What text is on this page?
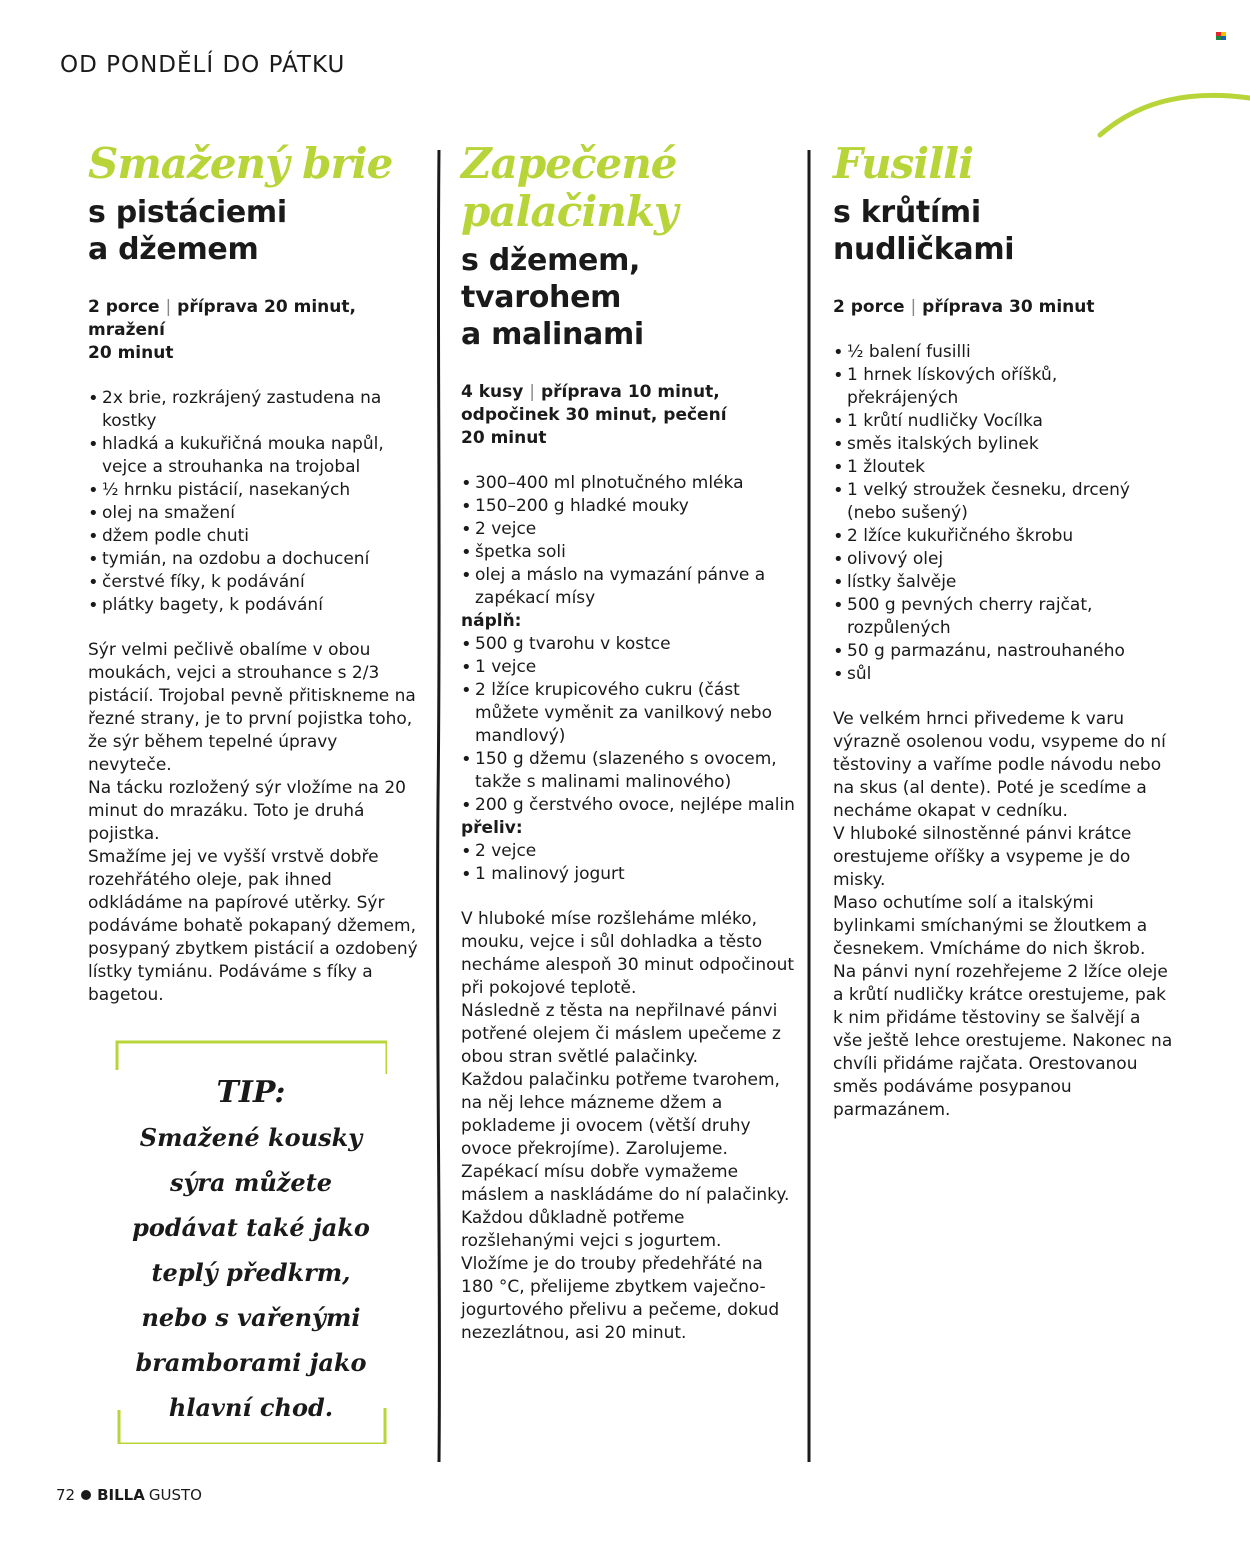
OD PONDĚLÍ DO PÁTKU
Smažený brie
s pistáciemi
a džemem

2 porce | příprava 20 minut, mražení
20 minut

• 2x brie, rozkrájený zastudena na kostky
• hladká a kukuřičná mouka napůl, vejce a strouhanka na trojobal
• ½ hrnku pistácií, nasekaných
• olej na smažení
• džem podle chuti
• tymián, na ozdobu a dochucení
• čerstvé fíky, k podávání
• plátky bagety, k podávání

Sýr velmi pečlivě obalíme v obou moukách, vejci a strouhance s 2/3 pistácií. Trojobal pevně přitiskneme na řezné strany, je to první pojistka toho, že sýr během tepelné úpravy nevyteče.

Na tácku rozložený sýr vložíme na 20 minut do mrazáku. Toto je druhá pojistka.

Smažíme jej ve vyšší vrstvě dobře rozehřátého oleje, pak ihned odkládáme na papírové utěrky. Sýr podáváme bohatě pokapaný džemem, posypaný zbytkem pistácií a ozdobený lístky tymiánu. Podáváme s fíky a bagetou.

TIP:
Smažené kousky
sýra můžete
podávat také jako
teplý předkrm,
nebo s vařenými
bramborami jako
hlavní chod.
Zapečené
palačinky
s džemem, tvarohem
a malinami

4 kusy | příprava 10 minut,
odpočinek 30 minut, pečení
20 minut

• 300–400 ml plnotučného mléka
• 150–200 g hladké mouky
• 2 vejce
• špetka soli
• olej a máslo na vymazání pánve a zapékací mísy
náplň:
• 500 g tvarohu v kostce
• 1 vejce
• 2 lžíce krupicového cukru (část můžete vyměnit za vanilkový nebo mandlový)
• 150 g džemu (slazeného s ovocem, takže s malinami malinového)
• 200 g čerstvého ovoce, nejlépe malin
přeliv:
• 2 vejce
• 1 malinový jogurt

V hluboké míse rozšleháme mléko, mouku, vejce i sůl dohladka a těsto necháme alespoň 30 minut odpočinout při pokojové teplotě.

Následně z těsta na nepřilnavé pánvi potřené olejem či máslem upečeme z obou stran světlé palačinky.

Každou palačinku potřeme tvarohem, na něj lehce mázneme džem a poklademe ji ovocem (větší druhy ovoce překrojíme). Zarolujeme.

Zapékací mísu dobře vymažeme máslem a naskládáme do ní palačinky. Každou důkladně potřeme rozšlehanými vejci s jogurtem.

Vložíme je do trouby předehřáté na 180 °C, přelijeme zbytkem vaječno-jogurtového přelivu a pečeme, dokud nezezlátnou, asi 20 minut.

Fusilli
s krůtími
nudličkami

2 porce | příprava 30 minut

• ½ balení fusilli
• 1 hrnek lískových oříšků, překrájených
• 1 krůtí nudličky Vocílka
• směs italských bylinek
• 1 žloutek
• 1 velký stroužek česneku, drcený (nebo sušený)
• 2 lžíce kukuřičného škrobu
• olivový olej
• lístky šalvěje
• 500 g pevných cherry rajčat, rozpůlených
• 50 g parmazánu, nastrouhaného
• sůl

Ve velkém hrnci přivedeme k varu výrazně osolenou vodu, vsypeme do ní těstoviny a vaříme podle návodu nebo na skus (al dente). Poté je scedíme a necháme okapat v cedníku.

V hluboké silnostěnné pánvi krátce orestujeme oříšky a vsypeme je do misky.

Maso ochutíme solí a italskými bylinkami smíchanými se žloutkem a česnekem. Vmícháme do nich škrob. Na pánvi nyní rozehřejeme 2 lžíce oleje a krůtí nudličky krátce orestujeme, pak k nim přidáme těstoviny se šalvějí a vše ještě lehce orestujeme. Nakonec na chvíli přidáme rajčata. Orestovanou směs podáváme posypanou parmazánem.

72 BILLA GUSTO
